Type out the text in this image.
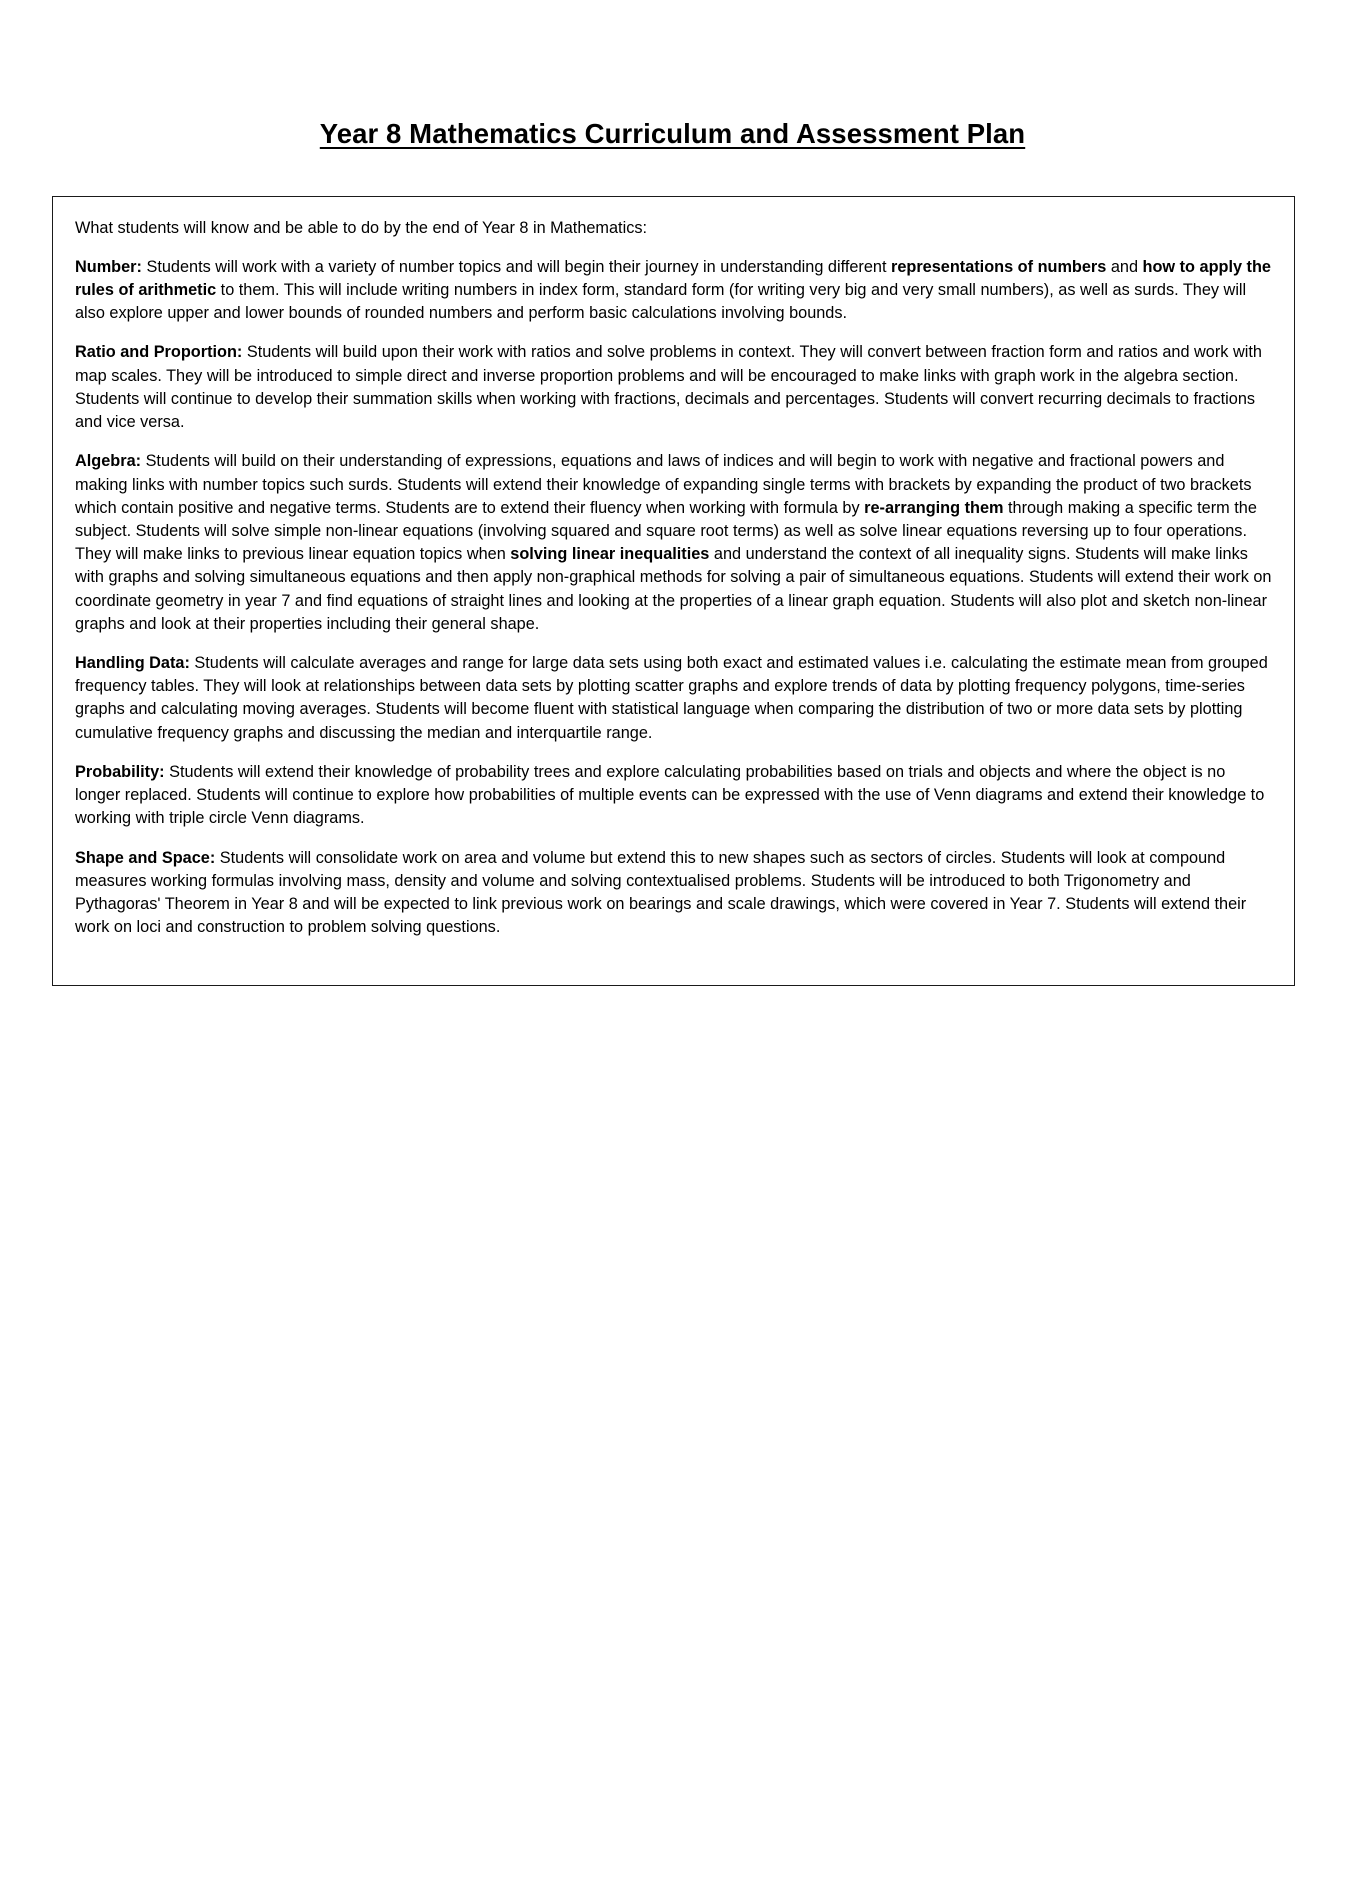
Year 8 Mathematics Curriculum and Assessment Plan

What students will know and be able to do by the end of Year 8 in Mathematics:

Number: Students will work with a variety of number topics and will begin their journey in understanding different representations of numbers and how to apply the rules of arithmetic to them. This will include writing numbers in index form, standard form (for writing very big and very small numbers), as well as surds. They will also explore upper and lower bounds of rounded numbers and perform basic calculations involving bounds.

Ratio and Proportion: Students will build upon their work with ratios and solve problems in context. They will convert between fraction form and ratios and work with map scales. They will be introduced to simple direct and inverse proportion problems and will be encouraged to make links with graph work in the algebra section. Students will continue to develop their summation skills when working with fractions, decimals and percentages. Students will convert recurring decimals to fractions and vice versa.

Algebra: Students will build on their understanding of expressions, equations and laws of indices and will begin to work with negative and fractional powers and making links with number topics such surds. Students will extend their knowledge of expanding single terms with brackets by expanding the product of two brackets which contain positive and negative terms. Students are to extend their fluency when working with formula by re-arranging them through making a specific term the subject. Students will solve simple non-linear equations (involving squared and square root terms) as well as solve linear equations reversing up to four operations. They will make links to previous linear equation topics when solving linear inequalities and understand the context of all inequality signs. Students will make links with graphs and solving simultaneous equations and then apply non-graphical methods for solving a pair of simultaneous equations. Students will extend their work on coordinate geometry in year 7 and find equations of straight lines and looking at the properties of a linear graph equation. Students will also plot and sketch non-linear graphs and look at their properties including their general shape.

Handling Data: Students will calculate averages and range for large data sets using both exact and estimated values i.e. calculating the estimate mean from grouped frequency tables. They will look at relationships between data sets by plotting scatter graphs and explore trends of data by plotting frequency polygons, time-series graphs and calculating moving averages. Students will become fluent with statistical language when comparing the distribution of two or more data sets by plotting cumulative frequency graphs and discussing the median and interquartile range.

Probability: Students will extend their knowledge of probability trees and explore calculating probabilities based on trials and objects and where the object is no longer replaced. Students will continue to explore how probabilities of multiple events can be expressed with the use of Venn diagrams and extend their knowledge to working with triple circle Venn diagrams.

Shape and Space: Students will consolidate work on area and volume but extend this to new shapes such as sectors of circles. Students will look at compound measures working formulas involving mass, density and volume and solving contextualised problems. Students will be introduced to both Trigonometry and Pythagoras' Theorem in Year 8 and will be expected to link previous work on bearings and scale drawings, which were covered in Year 7. Students will extend their work on loci and construction to problem solving questions.
